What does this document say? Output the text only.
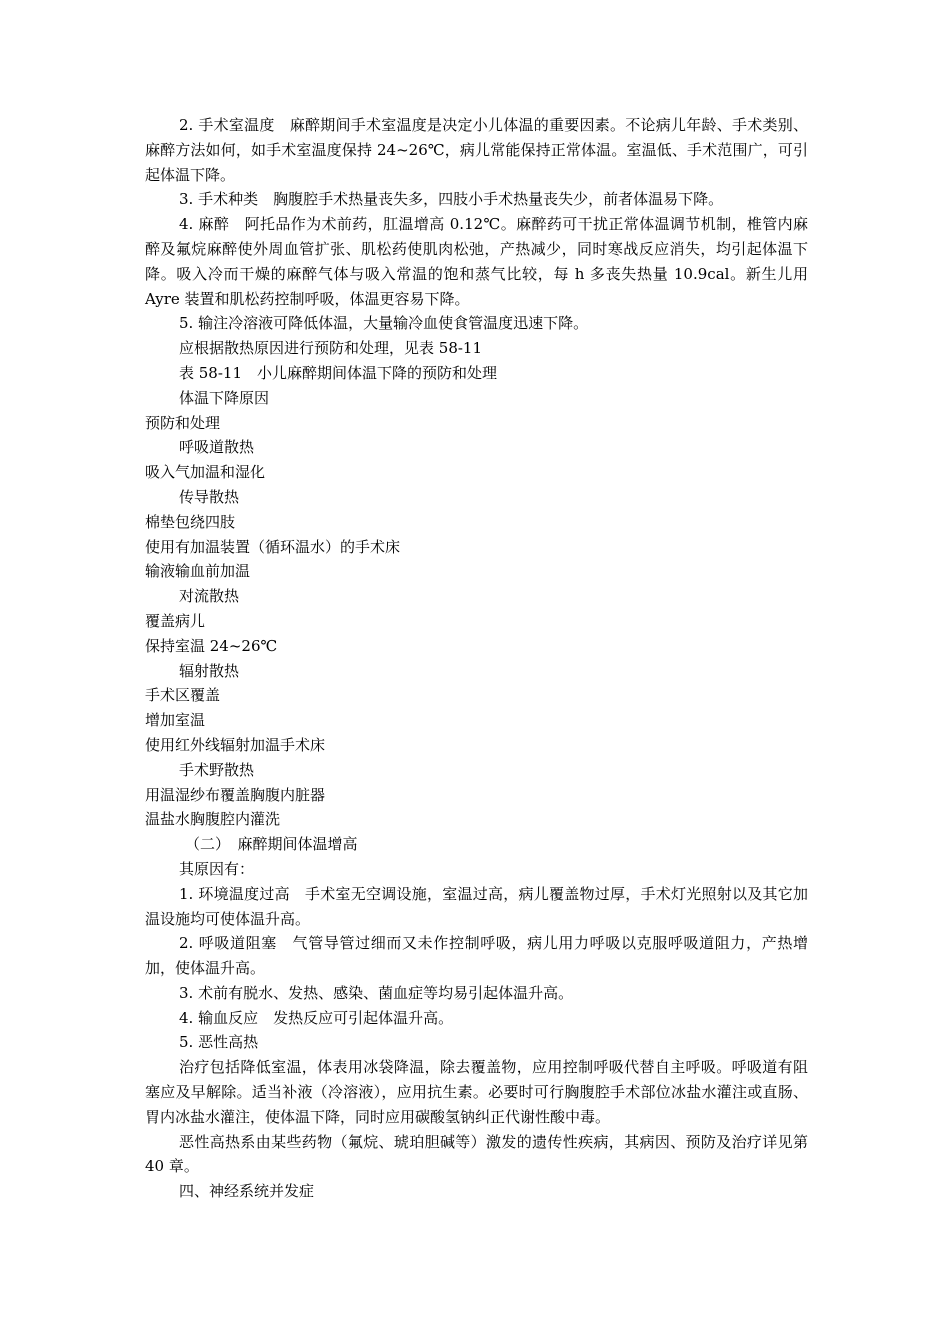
2. 手术室温度　麻醉期间手术室温度是决定小儿体温的重要因素。不论病儿年龄、手术类别、麻醉方法如何，如手术室温度保持 24~26℃，病儿常能保持正常体温。室温低、手术范围广，可引起体温下降。

3. 手术种类　胸腹腔手术热量丧失多，四肢小手术热量丧失少，前者体温易下降。

4. 麻醉　阿托品作为术前药，肛温增高 0.12℃。麻醉药可干扰正常体温调节机制，椎管内麻醉及氟烷麻醉使外周血管扩张、肌松药使肌肉松弛，产热减少，同时寒战反应消失，均引起体温下降。吸入冷而干燥的麻醉气体与吸入常温的饱和蒸气比较，每 h 多丧失热量 10.9cal。新生儿用 Ayre 装置和肌松药控制呼吸，体温更容易下降。

5. 输注冷溶液可降低体温，大量输冷血使食管温度迅速下降。

应根据散热原因进行预防和处理，见表 58-11

表 58-11　小儿麻醉期间体温下降的预防和处理

体温下降原因

预防和处理

呼吸道散热

吸入气加温和湿化

传导散热

棉垫包绕四肢

使用有加温装置（循环温水）的手术床

输液输血前加温

对流散热

覆盖病儿

保持室温 24~26℃

辐射散热

手术区覆盖

增加室温

使用红外线辐射加温手术床

手术野散热

用温湿纱布覆盖胸腹内脏器

温盐水胸腹腔内灌洗

（二）　麻醉期间体温增高

其原因有：

1. 环境温度过高　手术室无空调设施，室温过高，病儿覆盖物过厚，手术灯光照射以及其它加温设施均可使体温升高。

2. 呼吸道阻塞　气管导管过细而又未作控制呼吸，病儿用力呼吸以克服呼吸道阻力，产热增加，使体温升高。

3. 术前有脱水、发热、感染、菌血症等均易引起体温升高。

4. 输血反应　发热反应可引起体温升高。

5. 恶性高热

治疗包括降低室温，体表用冰袋降温，除去覆盖物，应用控制呼吸代替自主呼吸。呼吸道有阻塞应及早解除。适当补液（冷溶液），应用抗生素。必要时可行胸腹腔手术部位冰盐水灌注或直肠、胃内冰盐水灌注，使体温下降，同时应用碳酸氢钠纠正代谢性酸中毒。

恶性高热系由某些药物（氟烷、琥珀胆碱等）激发的遗传性疾病，其病因、预防及治疗详见第 40 章。

四、神经系统并发症
